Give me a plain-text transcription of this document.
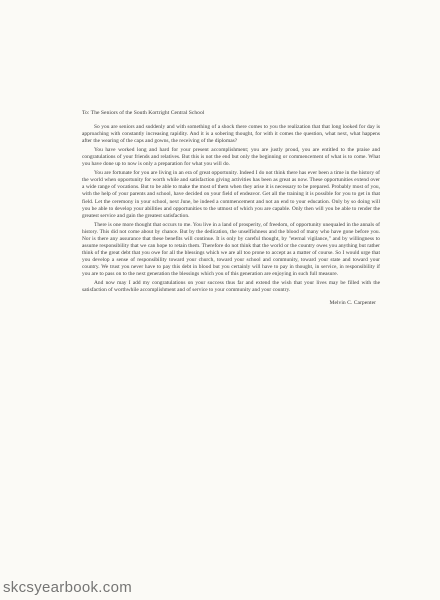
To: The Seniors of the South Kortright Central School

So you are seniors and suddenly and with something of a shock there comes to you the realization that that long looked for day is approaching with constantly increasing rapidity. And it is a sobering thought, for with it comes the question, what next, what happens after the wearing of the caps and gowns, the receiving of the diplomas?

You have worked long and hard for your present accomplishment; you are justly proud, you are entitled to the praise and congratulations of your friends and relatives. But this is not the end but only the beginning or commencement of what is to come. What you have done up to now is only a preparation for what you will do.

You are fortunate for you are living in an era of great opportunity. Indeed I do not think there has ever been a time in the history of the world when opportunity for worth while and satisfaction giving activities has been as great as now. These opportunities extend over a wide range of vocations. But to be able to make the most of them when they arise it is necessary to be prepared. Probably most of you, with the help of your parents and school, have decided on your field of endeavor. Get all the training it is possible for you to get in that field. Let the ceremony in your school, next June, be indeed a commencement and not an end to your education. Only by so doing will you be able to develop your abilities and opportunities to the utmost of which you are capable. Only then will you be able to render the greatest service and gain the greatest satisfaction.

There is one more thought that occurs to me. You live in a land of prosperity, of freedom, of opportunity unequaled in the annals of history. This did not come about by chance. But by the dedication, the unselfishness and the blood of many who have gone before you. Nor is there any assurance that these benefits will continue. It is only by careful thought, by "eternal vigilance," and by willingness to assume responsibility that we can hope to retain them. Therefore do not think that the world or the country owes you anything but rather think of the great debt that you owe for all the blessings which we are all too prone to accept as a matter of course. So I would urge that you develop a sense of responsibility toward your church, toward your school and community, toward your state and toward your country. We trust you never have to pay this debt in blood but you certainly will have to pay in thought, in service, in responsibility if you are to pass on to the next generation the blessings which you of this generation are enjoying in such full measure.

And now may I add my congratulations on your success thus far and extend the wish that your lives may be filled with the satisfaction of worthwhile accomplishment and of service to your community and your country.

Melvin C. Carpenter

skcsyearbook.com
